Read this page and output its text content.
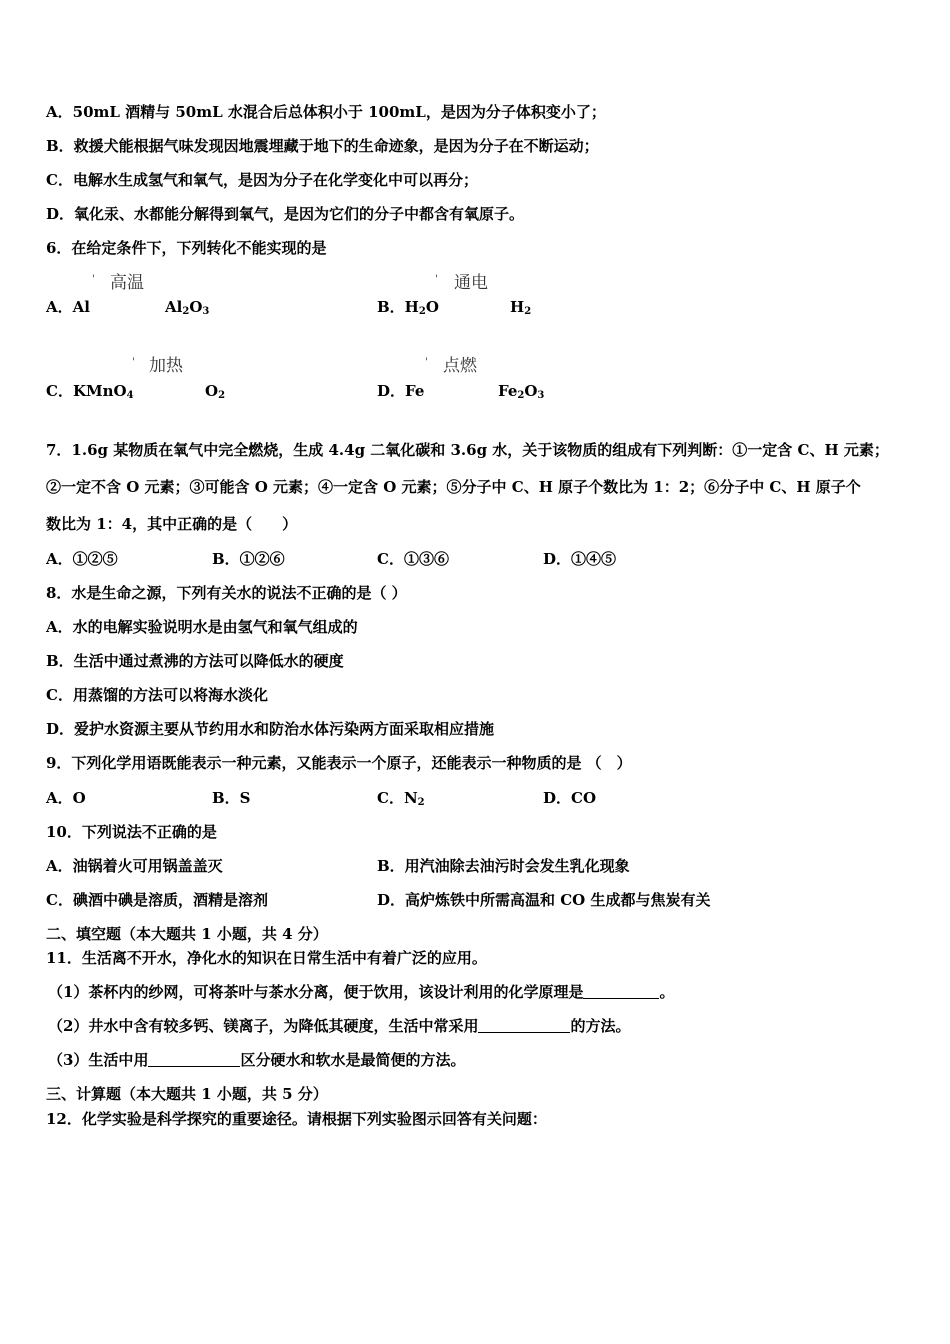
A．50mL 酒精与 50mL 水混合后总体积小于 100mL，是因为分子体积变小了；
B．救援犬能根据气味发现因地震埋藏于地下的生命迹象，是因为分子在不断运动；
C．电解水生成氢气和氧气，是因为分子在化学变化中可以再分；
D．氧化汞、水都能分解得到氧气，是因为它们的分子中都含有氧原子。
6．在给定条件下，下列转化不能实现的是
' 高温
A．Al	$Al_2O_3$
' 通电
B．$H_2O$	$H_2$
' 加热
C．KMnO$_4$	$O_2$
' 点燃
D．Fe	$Fe_2O_3$
7．1.6g 某物质在氧气中完全燃烧，生成 4.4g 二氧化碳和 3.6g 水，关于该物质的组成有下列判断：①一定含 C、H 元素；
②一定不含 O 元素；③可能含 O 元素；④一定含 O 元素；⑤分子中 C、H 原子个数比为 1：2；⑥分子中 C、H 原子个
数比为 1：4，其中正确的是（　　）
A．①②⑤	B．①②⑥	C．①③⑥	D．①④⑤
8．水是生命之源，下列有关水的说法不正确的是（ ）
A．水的电解实验说明水是由氢气和氧气组成的
B．生活中通过煮沸的方法可以降低水的硬度
C．用蒸馏的方法可以将海水淡化
D．爱护水资源主要从节约用水和防治水体污染两方面采取相应措施
9．下列化学用语既能表示一种元素，又能表示一个原子，还能表示一种物质的是 （　）
A．O	B．S	C．$N_2$	D．CO
10．下列说法不正确的是
A．油锅着火可用锅盖盖灭	B．用汽油除去油污时会发生乳化现象
C．碘酒中碘是溶质，酒精是溶剂	D．高炉炼铁中所需高温和 CO 生成都与焦炭有关
二、填空题（本大题共 1 小题，共 4 分）
11．生活离不开水，净化水的知识在日常生活中有着广泛的应用。
（1）茶杯内的纱网，可将茶叶与茶水分离，便于饮用，该设计利用的化学原理是	。
（2）井水中含有较多钙、镁离子，为降低其硬度，生活中常采用	的方法。
（3）生活中用	区分硬水和软水是最简便的方法。
三、计算题（本大题共 1 小题，共 5 分）
12．化学实验是科学探究的重要途径。请根据下列实验图示回答有关问题：
